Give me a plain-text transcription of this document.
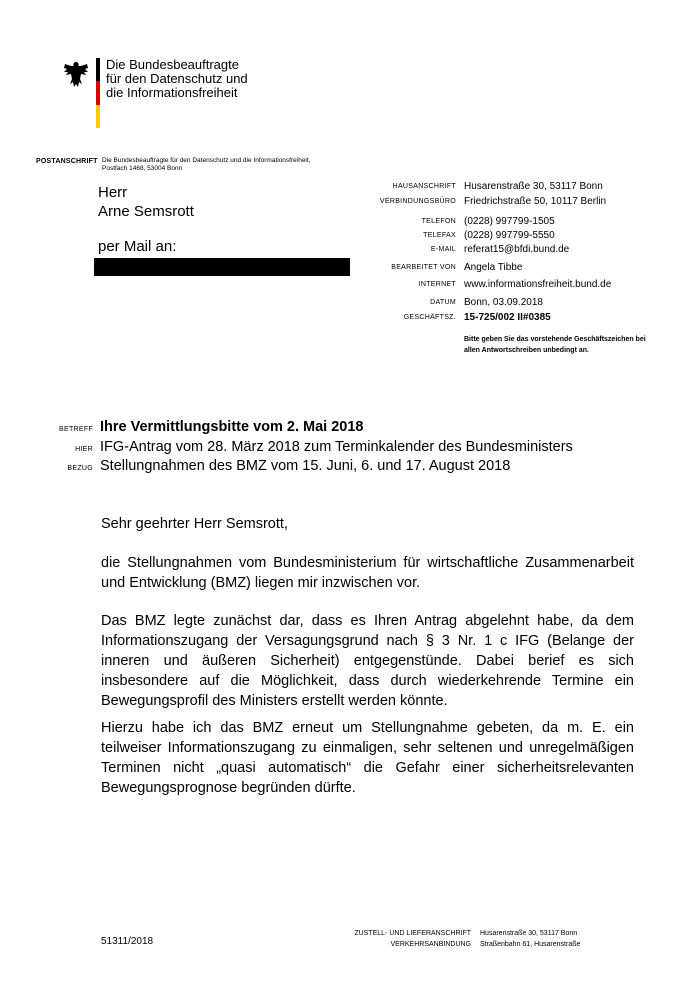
Die Bundesbeauftragte
für den Datenschutz und
die Informationsfreiheit
POSTANSCHRIFT Die Bundesbeauftragte für den Datenschutz und die Informationsfreiheit,
Postfach 1468, 53004 Bonn
Herr
Arne Semsrott
per Mail an:
HAUSANSCHRIFT Husarenstraße 30, 53117 Bonn
VERBINDUNGSBÜRO Friedrichstraße 50, 10117 Berlin
TELEFON (0228) 997799-1505
TELEFAX (0228) 997799-5550
E-MAIL referat15@bfdi.bund.de
BEARBEITET VON Angela Tibbe
INTERNET www.informationsfreiheit.bund.de
DATUM Bonn, 03.09.2018
GESCHÄFTSZ. 15-725/002 II#0385
Bitte geben Sie das vorstehende Geschäftszeichen bei
allen Antwortschreiben unbedingt an.
BETREFF Ihre Vermittlungsbitte vom 2. Mai 2018
HIER IFG-Antrag vom 28. März 2018 zum Terminkalender des Bundesministers
BEZUG Stellungnahmen des BMZ vom 15. Juni, 6. und 17. August 2018
Sehr geehrter Herr Semsrott,
die Stellungnahmen vom Bundesministerium für wirtschaftliche Zusammenarbeit und Entwicklung (BMZ) liegen mir inzwischen vor.
Das BMZ legte zunächst dar, dass es Ihren Antrag abgelehnt habe, da dem Informationszugang der Versagungsgrund nach § 3 Nr. 1 c IFG (Belange der inneren und äußeren Sicherheit) entgegenstünde. Dabei berief es sich insbesondere auf die Möglichkeit, dass durch wiederkehrende Termine ein Bewegungsprofil des Ministers erstellt werden könnte.
Hierzu habe ich das BMZ erneut um Stellungnahme gebeten, da m. E. ein teilweiser Informationszugang zu einmaligen, sehr seltenen und unregelmäßigen Terminen nicht „quasi automatisch“ die Gefahr einer sicherheitsrelevanten Bewegungsprognose begründen dürfte.
51311/2018
ZUSTELL- UND LIEFERANSCHRIFT Husarenstraße 30, 53117 Bonn
VERKEHRSANBINDUNG Straßenbahn 61, Husarenstraße
